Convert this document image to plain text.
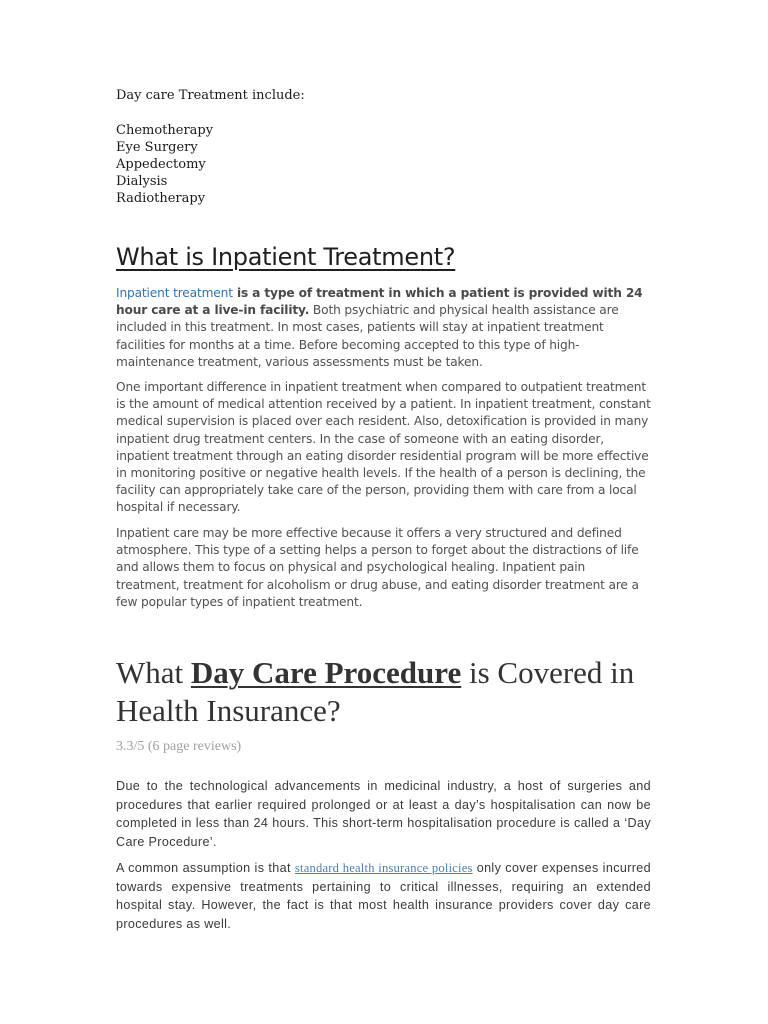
Day care Treatment include:
Chemotherapy
Eye Surgery
Appedectomy
Dialysis
Radiotherapy
What is Inpatient Treatment?

Inpatient treatment is a type of treatment in which a patient is provided with 24 hour care at a live-in facility. Both psychiatric and physical health assistance are included in this treatment. In most cases, patients will stay at inpatient treatment facilities for months at a time. Before becoming accepted to this type of high-maintenance treatment, various assessments must be taken.

One important difference in inpatient treatment when compared to outpatient treatment is the amount of medical attention received by a patient. In inpatient treatment, constant medical supervision is placed over each resident. Also, detoxification is provided in many inpatient drug treatment centers. In the case of someone with an eating disorder, inpatient treatment through an eating disorder residential program will be more effective in monitoring positive or negative health levels. If the health of a person is declining, the facility can appropriately take care of the person, providing them with care from a local hospital if necessary.

Inpatient care may be more effective because it offers a very structured and defined atmosphere. This type of a setting helps a person to forget about the distractions of life and allows them to focus on physical and psychological healing. Inpatient pain treatment, treatment for alcoholism or drug abuse, and eating disorder treatment are a few popular types of inpatient treatment.

What Day Care Procedure is Covered in Health Insurance?
3.3/5 (6 page reviews)

Due to the technological advancements in medicinal industry, a host of surgeries and procedures that earlier required prolonged or at least a day’s hospitalisation can now be completed in less than 24 hours. This short-term hospitalisation procedure is called a ‘Day Care Procedure’.

A common assumption is that standard health insurance policies only cover expenses incurred towards expensive treatments pertaining to critical illnesses, requiring an extended hospital stay. However, the fact is that most health insurance providers cover day care procedures as well.
